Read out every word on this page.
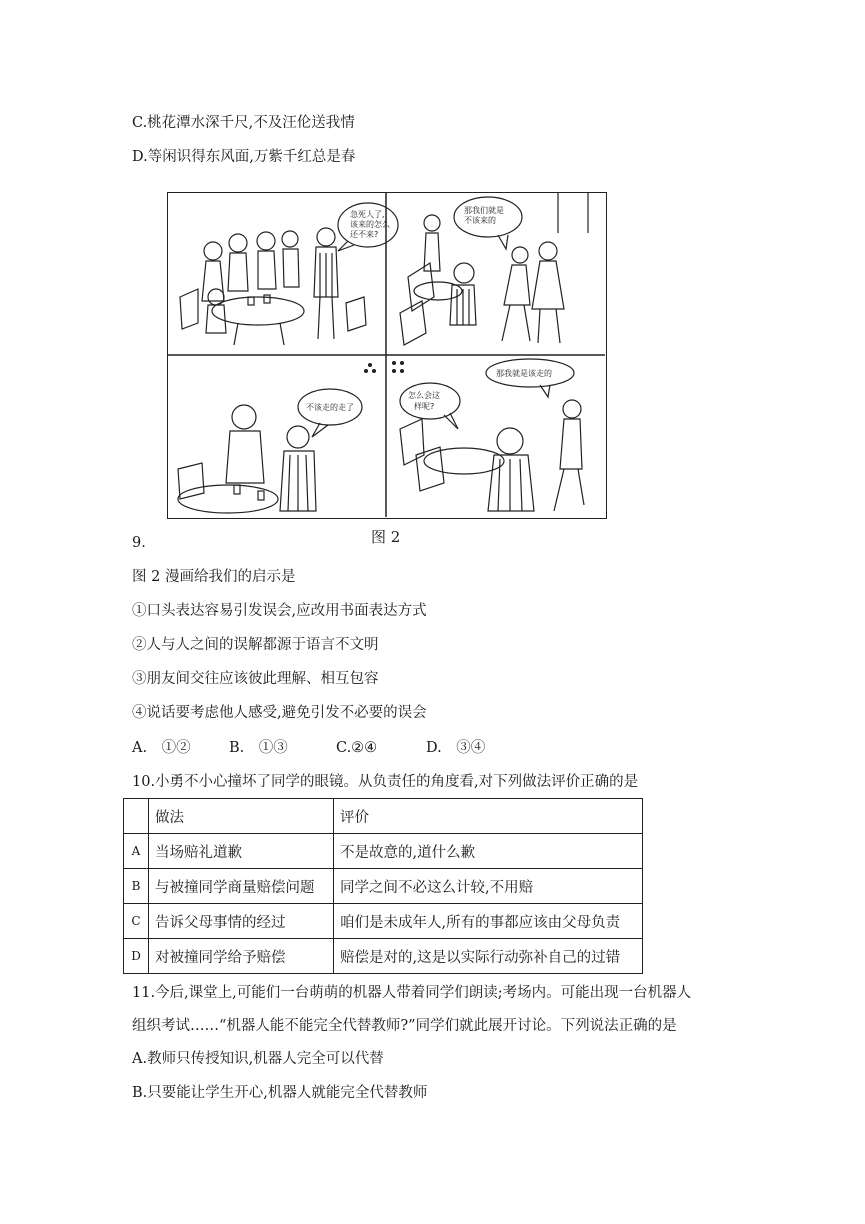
C.桃花潭水深千尺,不及汪伦送我情
D.等闲识得东风面,万紫千红总是春
急死人了,
该来的怎么
还不来?
那我们就是
不该来的
不该走的走了
怎么会这
样呢?
那我就是该走的
图 2
9.
图 2 漫画给我们的启示是
①口头表达容易引发误会,应改用书面表达方式
②人与人之间的误解都源于语言不文明
③朋友间交往应该彼此理解、相互包容
④说话要考虑他人感受,避免引发不必要的误会
A.　①②	B.　①③	C.②④	D.　③④
10.小勇不小心撞坏了同学的眼镜。从负责任的角度看,对下列做法评价正确的是
	做法	评价
A	当场赔礼道歉	不是故意的,道什么歉
B	与被撞同学商量赔偿问题	同学之间不必这么计较,不用赔
C	告诉父母事情的经过	咱们是未成年人,所有的事都应该由父母负责
D	对被撞同学给予赔偿	赔偿是对的,这是以实际行动弥补自己的过错
11.今后,课堂上,可能们一台萌萌的机器人带着同学们朗读;考场内。可能出现一台机器人
组织考试……“机器人能不能完全代替教师?”同学们就此展开讨论。下列说法正确的是
A.教师只传授知识,机器人完全可以代替
B.只要能让学生开心,机器人就能完全代替教师
